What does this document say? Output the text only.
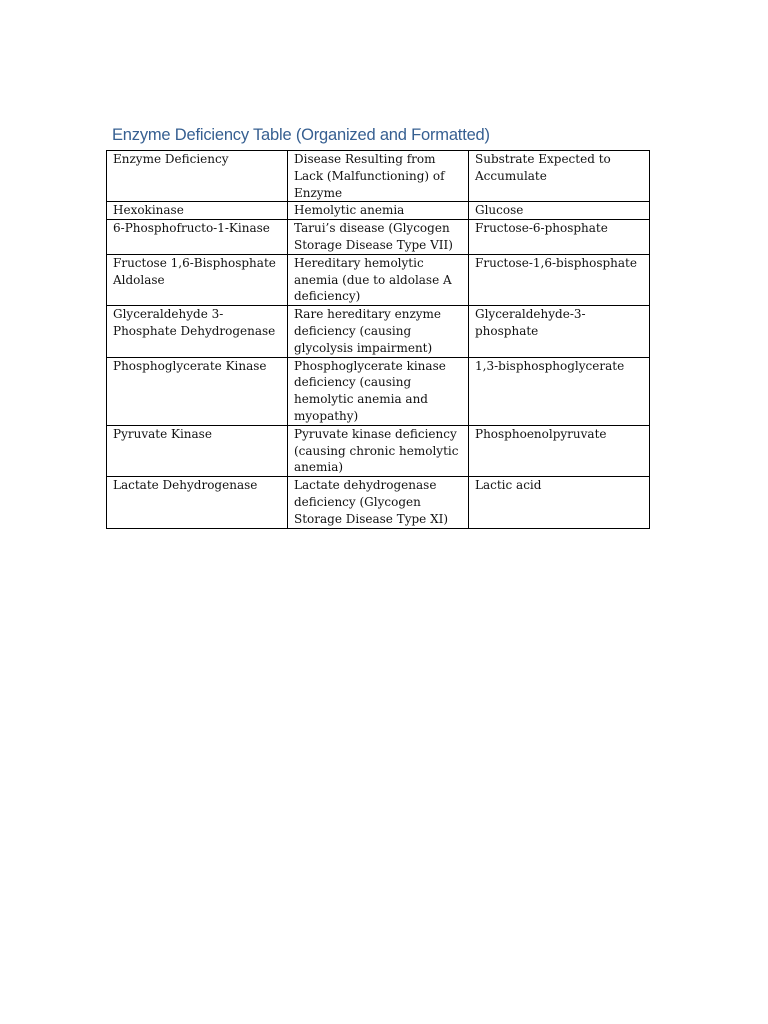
Enzyme Deficiency Table (Organized and Formatted)
Enzyme Deficiency	Disease Resulting from Lack (Malfunctioning) of Enzyme	Substrate Expected to Accumulate
Hexokinase	Hemolytic anemia	Glucose
6-Phosphofructo-1-Kinase	Tarui’s disease (Glycogen Storage Disease Type VII)	Fructose-6-phosphate
Fructose 1,6-Bisphosphate Aldolase	Hereditary hemolytic anemia (due to aldolase A deficiency)	Fructose-1,6-bisphosphate
Glyceraldehyde 3-Phosphate Dehydrogenase	Rare hereditary enzyme deficiency (causing glycolysis impairment)	Glyceraldehyde-3-phosphate
Phosphoglycerate Kinase	Phosphoglycerate kinase deficiency (causing hemolytic anemia and myopathy)	1,3-bisphosphoglycerate
Pyruvate Kinase	Pyruvate kinase deficiency (causing chronic hemolytic anemia)	Phosphoenolpyruvate
Lactate Dehydrogenase	Lactate dehydrogenase deficiency (Glycogen Storage Disease Type XI)	Lactic acid
